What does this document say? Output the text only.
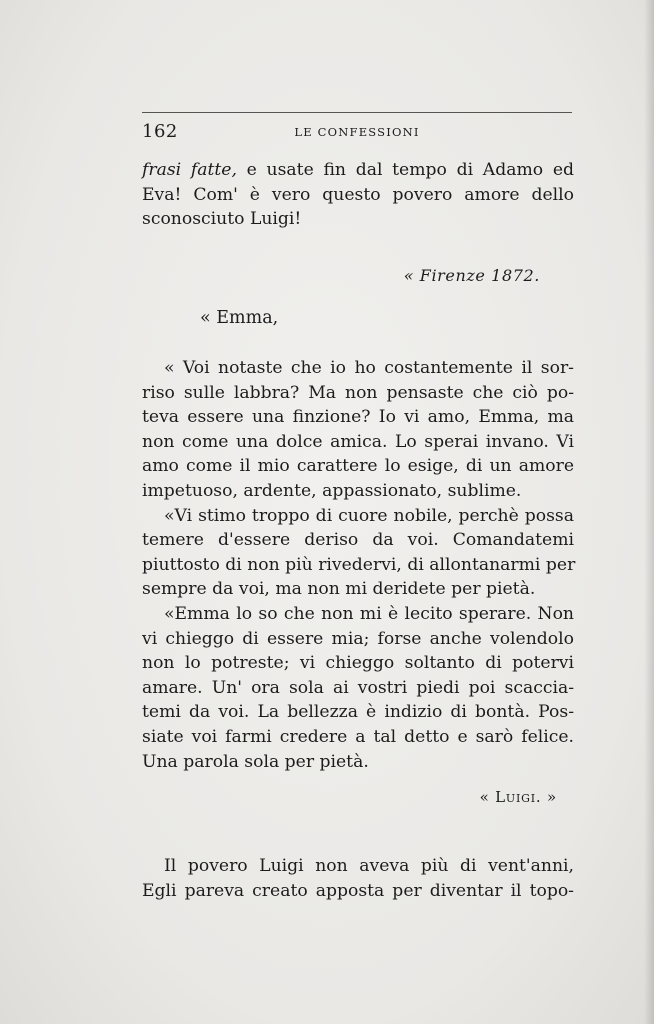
162	LE CONFESSIONI
frasi fatte, e usate fin dal tempo di Adamo ed
Eva! Com' è vero questo povero amore dello
sconosciuto Luigi!
« Firenze 1872.
« Emma,
« Voi notaste che io ho costantemente il sor-
riso sulle labbra? Ma non pensaste che ciò po-
teva essere una finzione? Io vi amo, Emma, ma
non come una dolce amica. Lo sperai invano. Vi
amo come il mio carattere lo esige, di un amore
impetuoso, ardente, appassionato, sublime.
«Vi stimo troppo di cuore nobile, perchè possa
temere d'essere deriso da voi. Comandatemi
piuttosto di non più rivedervi, di allontanarmi per
sempre da voi, ma non mi deridete per pietà.
«Emma lo so che non mi è lecito sperare. Non
vi chieggo di essere mia; forse anche volendolo
non lo potreste; vi chieggo soltanto di potervi
amare. Un' ora sola ai vostri piedi poi scaccia-
temi da voi. La bellezza è indizio di bontà. Pos-
siate voi farmi credere a tal detto e sarò felice.
Una parola sola per pietà.
« Luigi. »
Il povero Luigi non aveva più di vent'anni,
Egli pareva creato apposta per diventar il topo-
